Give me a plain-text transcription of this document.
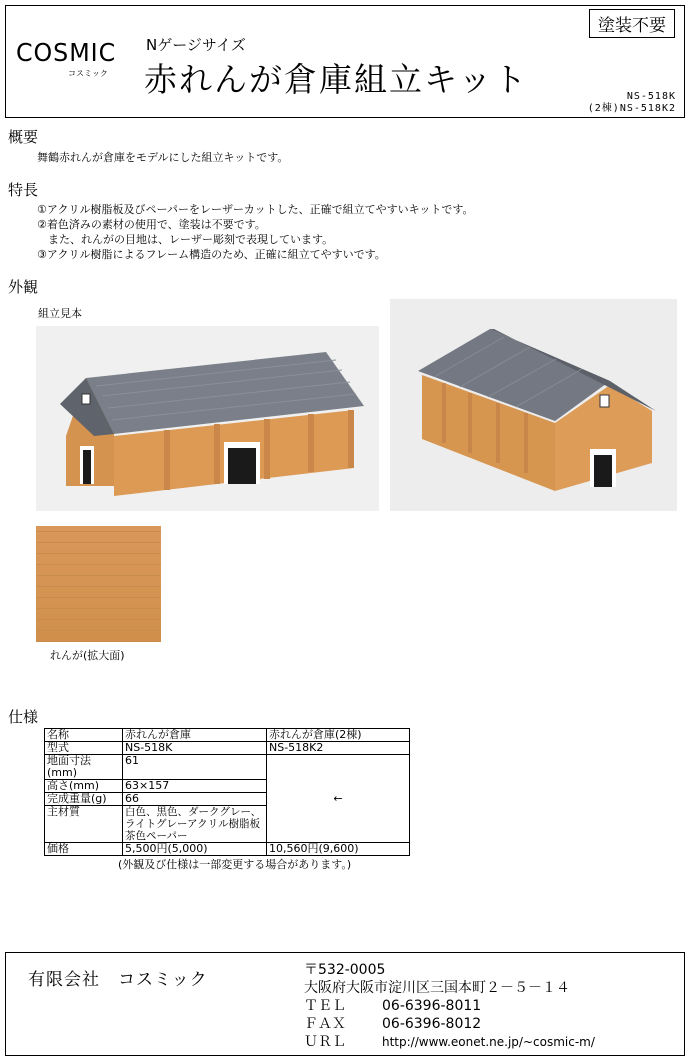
COSMIC
コスミック
Nゲージサイズ
赤れんが倉庫組立キット
塗装不要
NS-518K
(2棟)NS-518K2
概要
舞鶴赤れんが倉庫をモデルにした組立キットです。
特長
①アクリル樹脂板及びペーパーをレーザーカットした、正確で組立てやすいキットです。
②着色済みの素材の使用で、塗装は不要です。
　また、れんがの目地は、レーザー彫刻で表現しています。
③アクリル樹脂によるフレーム構造のため、正確に組立てやすいです。
外観
組立見本
れんが(拡大面)
仕様
名称	赤れんが倉庫	赤れんが倉庫(2棟)
型式	NS-518K	NS-518K2
地面寸法(mm)	61	←
高さ(mm)	63×157	
完成重量(g)	66	
主材質	白色、黒色、ダークグレー、ライトグレーアクリル樹脂板 茶色ペーパー	
価格	5,500円(5,000)	10,560円(9,600)
(外観及び仕様は一部変更する場合があります。)
有限会社　コスミック	〒532-0005
大阪府大阪市淀川区三国本町２－５－１４
ＴＥＬ	06-6396-8011
ＦＡＸ	06-6396-8012
ＵＲＬ	http://www.eonet.ne.jp/~cosmic-m/
